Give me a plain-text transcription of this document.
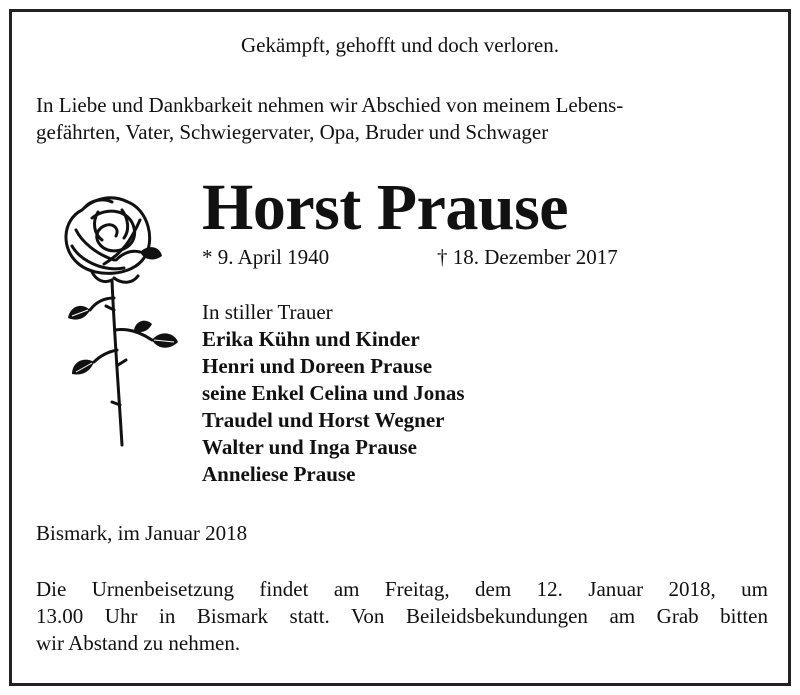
Gekämpft, gehofft und doch verloren.

In Liebe und Dankbarkeit nehmen wir Abschied von meinem Lebens-

gefährten, Vater, Schwiegervater, Opa, Bruder und Schwager

Horst Prause

* 9. April 1940	† 18. Dezember 2017

In stiller Trauer

Erika Kühn und Kinder
Henri und Doreen Prause
seine Enkel Celina und Jonas
Traudel und Horst Wegner
Walter und Inga Prause
Anneliese Prause

Bismark, im Januar 2018

Die Urnenbeisetzung findet am Freitag, dem 12. Januar 2018, um
13.00 Uhr in Bismark statt. Von Beileidsbekundungen am Grab bitten
wir Abstand zu nehmen.
